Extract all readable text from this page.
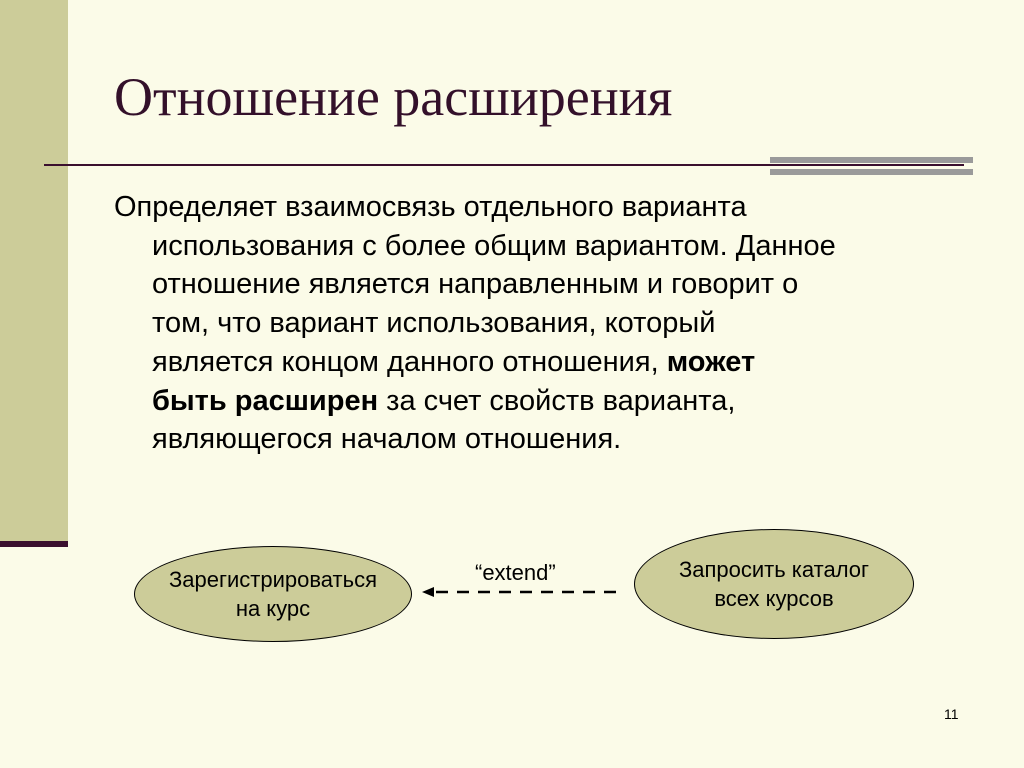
Отношение расширения
Определяет взаимосвязь отдельного варианта
использования с более общим вариантом. Данное
отношение является направленным и говорит о
том, что вариант использования, который
является концом данного отношения, может
быть расширен за счет свойств варианта,
являющегося началом отношения.
Зарегистрироваться
на курс
“extend”	Запросить каталог
всех курсов
11
